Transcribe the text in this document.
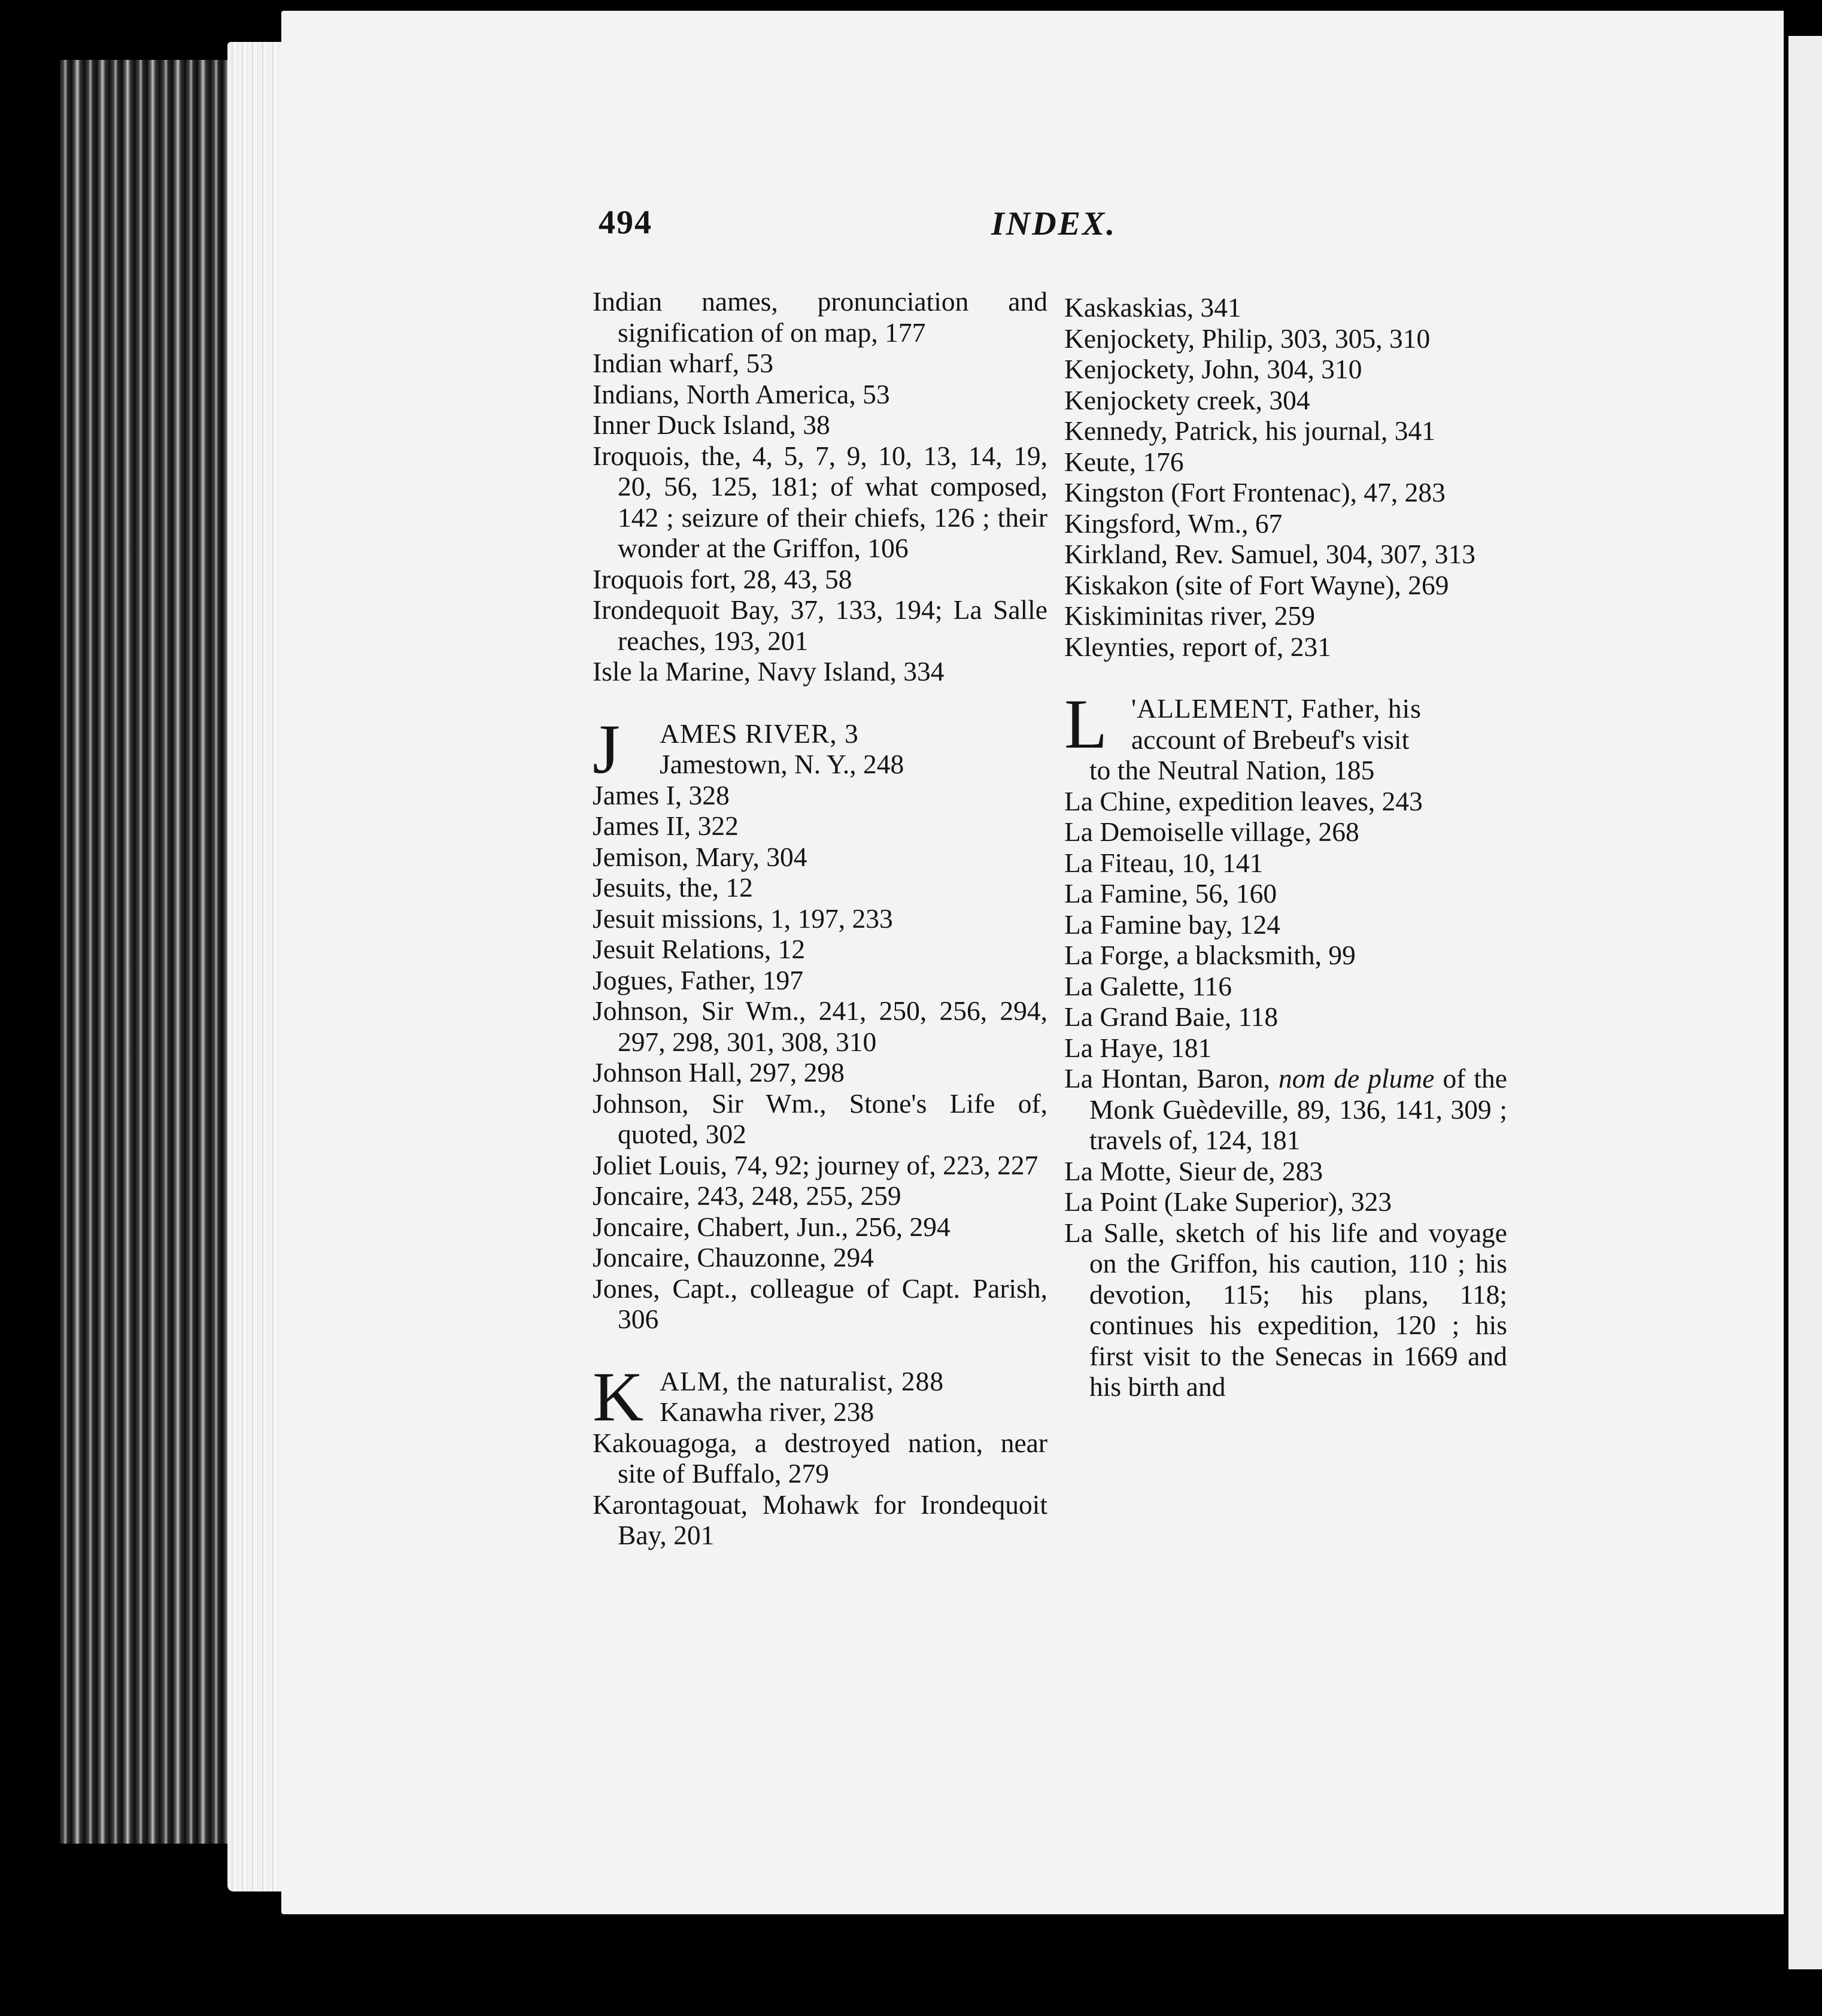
494	INDEX.
Indian names, pronunciation and signification of on map, 177
Indian wharf, 53
Indians, North America, 53
Inner Duck Island, 38
Iroquois, the, 4, 5, 7, 9, 10, 13, 14, 19, 20, 56, 125, 181; of what composed, 142 ; seizure of their chiefs, 126 ; their wonder at the Griffon, 106
Iroquois fort, 28, 43, 58
Irondequoit Bay, 37, 133, 194; La Salle reaches, 193, 201
Isle la Marine, Navy Island, 334
J AMES RIVER, 3
Jamestown, N. Y., 248
James I, 328
James II, 322
Jemison, Mary, 304
Jesuits, the, 12
Jesuit missions, 1, 197, 233
Jesuit Relations, 12
Jogues, Father, 197
Johnson, Sir Wm., 241, 250, 256, 294, 297, 298, 301, 308, 310
Johnson Hall, 297, 298
Johnson, Sir Wm., Stone's Life of, quoted, 302
Joliet Louis, 74, 92; journey of, 223, 227
Joncaire, 243, 248, 255, 259
Joncaire, Chabert, Jun., 256, 294
Joncaire, Chauzonne, 294
Jones, Capt., colleague of Capt. Parish, 306
K ALM, the naturalist, 288
Kanawha river, 238
Kakouagoga, a destroyed nation, near site of Buffalo, 279
Karontagouat, Mohawk for Irondequoit Bay, 201
Kaskaskias, 341
Kenjockety, Philip, 303, 305, 310
Kenjockety, John, 304, 310
Kenjockety creek, 304
Kennedy, Patrick, his journal, 341
Keute, 176
Kingston (Fort Frontenac), 47, 283
Kingsford, Wm., 67
Kirkland, Rev. Samuel, 304, 307, 313
Kiskakon (site of Fort Wayne), 269
Kiskiminitas river, 259
Kleynties, report of, 231
L 'ALLEMENT, Father, his
account of Brebeuf's visit
to the Neutral Nation, 185
La Chine, expedition leaves, 243
La Demoiselle village, 268
La Fiteau, 10, 141
La Famine, 56, 160
La Famine bay, 124
La Forge, a blacksmith, 99
La Galette, 116
La Grand Baie, 118
La Haye, 181
La Hontan, Baron, nom de plume of the Monk Guèdeville, 89, 136, 141, 309 ; travels of, 124, 181
La Motte, Sieur de, 283
La Point (Lake Superior), 323
La Salle, sketch of his life and voyage on the Griffon, his caution, 110 ; his devotion, 115; his plans, 118; continues his expedition, 120 ; his first visit to the Senecas in 1669 and his birth and
